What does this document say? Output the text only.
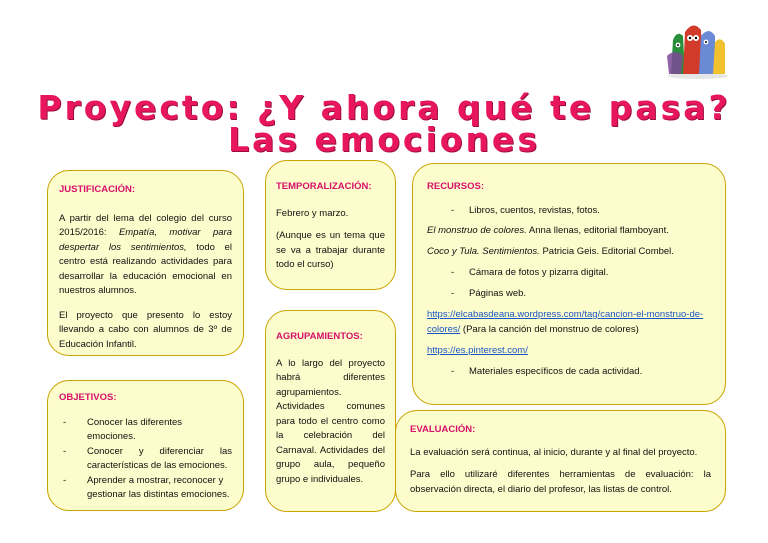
Proyecto: ¿Y ahora qué te pasa?
Las emociones
JUSTIFICACIÓN:

A partir del lema del colegio del curso 2015/2016: Empatía, motivar para despertar los sentimientos, todo el centro está realizando actividades para desarrollar la educación emocional en nuestros alumnos.

El proyecto que presento lo estoy llevando a cabo con alumnos de 3º de Educación Infantil.

OBJETIVOS:
- Conocer las diferentes emociones.
- Conocer y diferenciar las características de las emociones.
- Aprender a mostrar, reconocer y gestionar las distintas emociones.
TEMPORALIZACIÓN:

Febrero y marzo.

(Aunque es un tema que se va a trabajar durante todo el curso)

AGRUPAMIENTOS:

A lo largo del proyecto habrá diferentes agrupamientos. Actividades comunes para todo el centro como la celebración del Carnaval. Actividades del grupo aula, pequeño grupo e individuales.

RECURSOS:
- Libros, cuentos, revistas, fotos.

El monstruo de colores. Anna llenas, editorial flamboyant.

Coco y Tula. Sentimientos. Patricia Geis. Editorial Combel.

- Cámara de fotos y pizarra digital.
- Páginas web.

https://elcabasdeana.wordpress.com/tag/cancion-el-monstruo-de-colores/ (Para la canción del monstruo de colores)

https://es.pinterest.com/

- Materiales específicos de cada actividad.
EVALUACIÓN:

La evaluación será continua, al inicio, durante y al final del proyecto.

Para ello utilizaré diferentes herramientas de evaluación: la observación directa, el diario del profesor, las listas de control.
